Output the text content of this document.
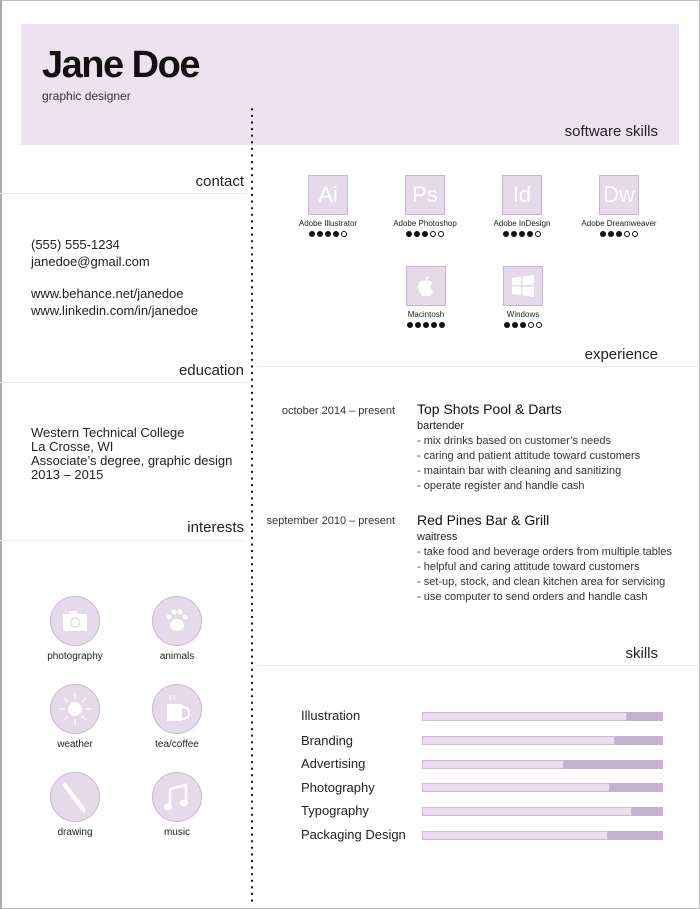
Jane Doe
graphic designer
contact
education
interests
software skills
experience
skills
(555) 555-1234
janedoe@gmail.com
www.behance.net/janedoe
www.linkedin.com/in/janedoe
Western Technical College
La Crosse, WI
Associate’s degree, graphic design
2013 – 2015
photography	animals
weather	tea/coffee
drawing	music
Ai
Adobe Illustrator
Ps
Adobe Photoshop
Id
Adobe InDesign
Dw
Adobe Dreamweaver
Macintosh	Windows
october 2014 – present Top Shots Pool & Darts
bartender
- mix drinks based on customer’s needs
- caring and patient attitude toward customers
- maintain bar with cleaning and sanitizing
- operate register and handle cash
september 2010 – present Red Pines Bar & Grill
waitress
- take food and beverage orders from multiple tables
- helpful and caring attitude toward customers
- set-up, stock, and clean kitchen area for servicing
- use computer to send orders and handle cash
Illustration
Branding
Advertising
Photography
Typography
Packaging Design
